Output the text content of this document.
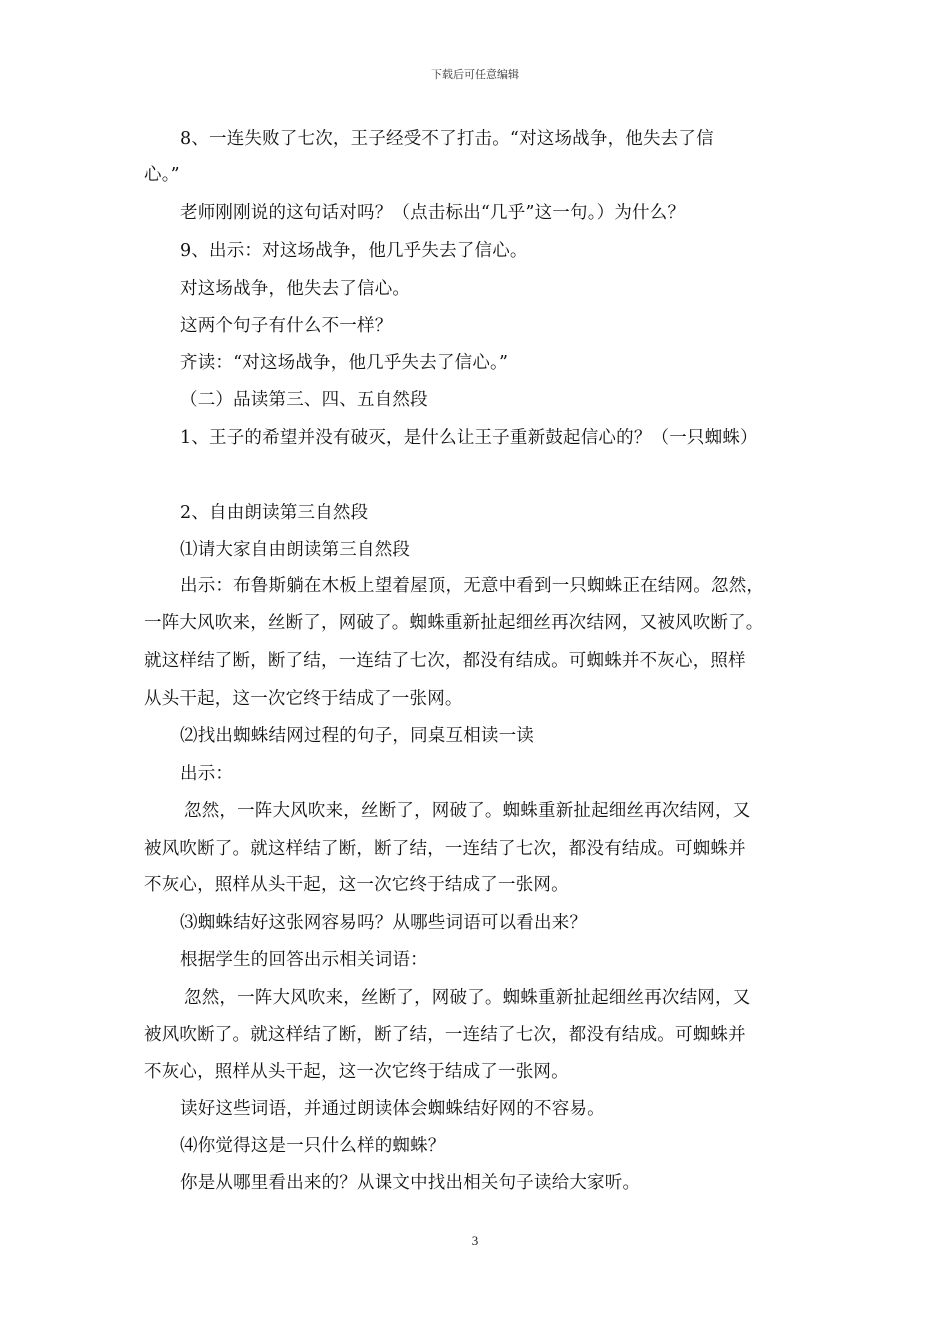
下载后可任意编辑
8、一连失败了七次，王子经受不了打击。“对这场战争，他失去了信
心。”
老师刚刚说的这句话对吗？（点击标出“几乎”这一句。）为什么？
9、出示：对这场战争，他几乎失去了信心。
对这场战争，他失去了信心。
这两个句子有什么不一样？
齐读：“对这场战争，他几乎失去了信心。”
（二）品读第三、四、五自然段
1、王子的希望并没有破灭，是什么让王子重新鼓起信心的？（一只蜘蛛）
2、自由朗读第三自然段
⑴请大家自由朗读第三自然段
出示：布鲁斯躺在木板上望着屋顶，无意中看到一只蜘蛛正在结网。忽然，
一阵大风吹来，丝断了，网破了。蜘蛛重新扯起细丝再次结网，又被风吹断了。
就这样结了断，断了结，一连结了七次，都没有结成。可蜘蛛并不灰心，照样
从头干起，这一次它终于结成了一张网。
⑵找出蜘蛛结网过程的句子，同桌互相读一读
出示：
忽然，一阵大风吹来，丝断了，网破了。蜘蛛重新扯起细丝再次结网，又
被风吹断了。就这样结了断，断了结，一连结了七次，都没有结成。可蜘蛛并
不灰心，照样从头干起，这一次它终于结成了一张网。
⑶蜘蛛结好这张网容易吗？从哪些词语可以看出来？
根据学生的回答出示相关词语：
忽然，一阵大风吹来，丝断了，网破了。蜘蛛重新扯起细丝再次结网，又
被风吹断了。就这样结了断，断了结，一连结了七次，都没有结成。可蜘蛛并
不灰心，照样从头干起，这一次它终于结成了一张网。
读好这些词语，并通过朗读体会蜘蛛结好网的不容易。
⑷你觉得这是一只什么样的蜘蛛？
你是从哪里看出来的？从课文中找出相关句子读给大家听。
3
